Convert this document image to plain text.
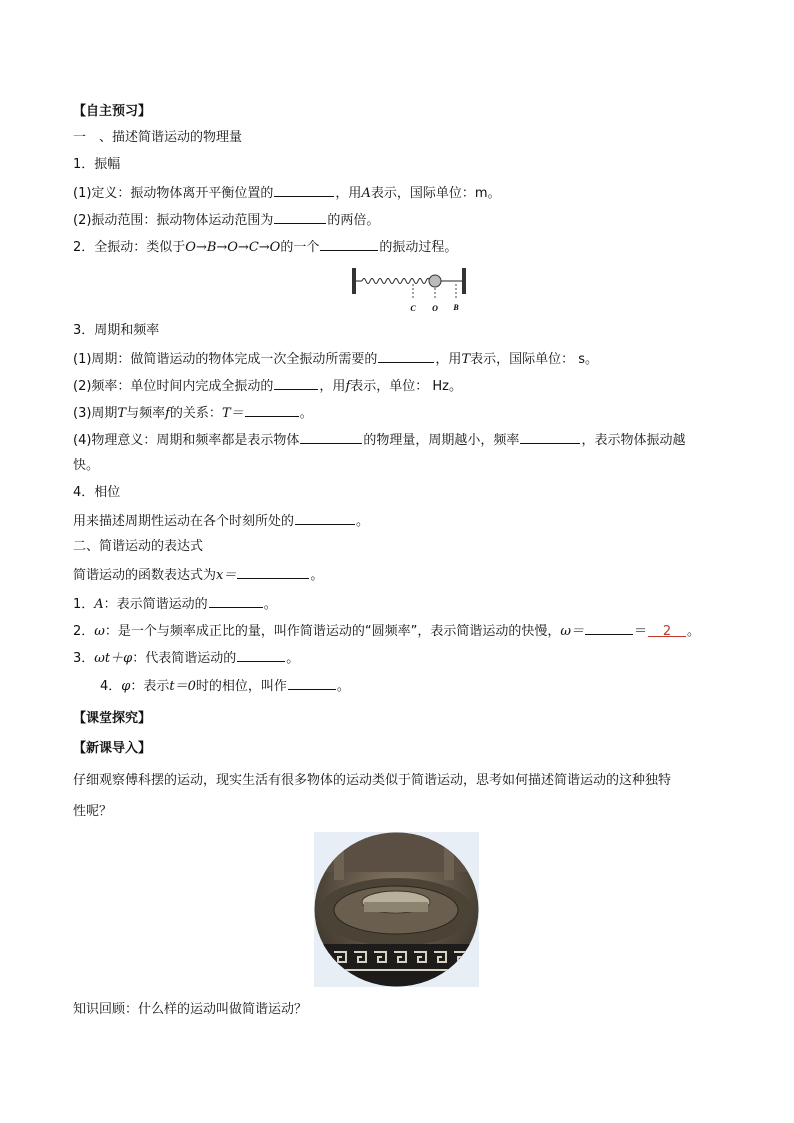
【自主预习】
一　、描述简谐运动的物理量
1．振幅
(1)定义：振动物体离开平衡位置的	，用A表示，国际单位：m。
(2)振动范围：振动物体运动范围为	的两倍。
2．全振动：类似于O→B→O→C→O的一个	的振动过程。
C O B
3．周期和频率
(1)周期：做简谐运动的物体完成一次全振动所需要的	，用T表示，国际单位： s。
(2)频率：单位时间内完成全振动的	，用f表示，单位： Hz。
(3)周期T与频率f的关系：T＝	。
(4)物理意义：周期和频率都是表示物体	的物理量，周期越小，频率	，表示物体振动越
快。
4．相位
用来描述周期性运动在各个时刻所处的	。
二、简谐运动的表达式
简谐运动的函数表达式为x＝	。
1．A：表示简谐运动的	。
2．ω：是一个与频率成正比的量，叫作简谐运动的“圆频率”，表示简谐运动的快慢，ω＝	＝ 2 。
3．ωt＋φ：代表简谐运动的	。
4．φ：表示t＝0时的相位，叫作	。
【课堂探究】
【新课导入】
仔细观察傅科摆的运动，现实生活有很多物体的运动类似于简谐运动，思考如何描述简谐运动的这种独特
性呢？
知识回顾：什么样的运动叫做简谐运动？
